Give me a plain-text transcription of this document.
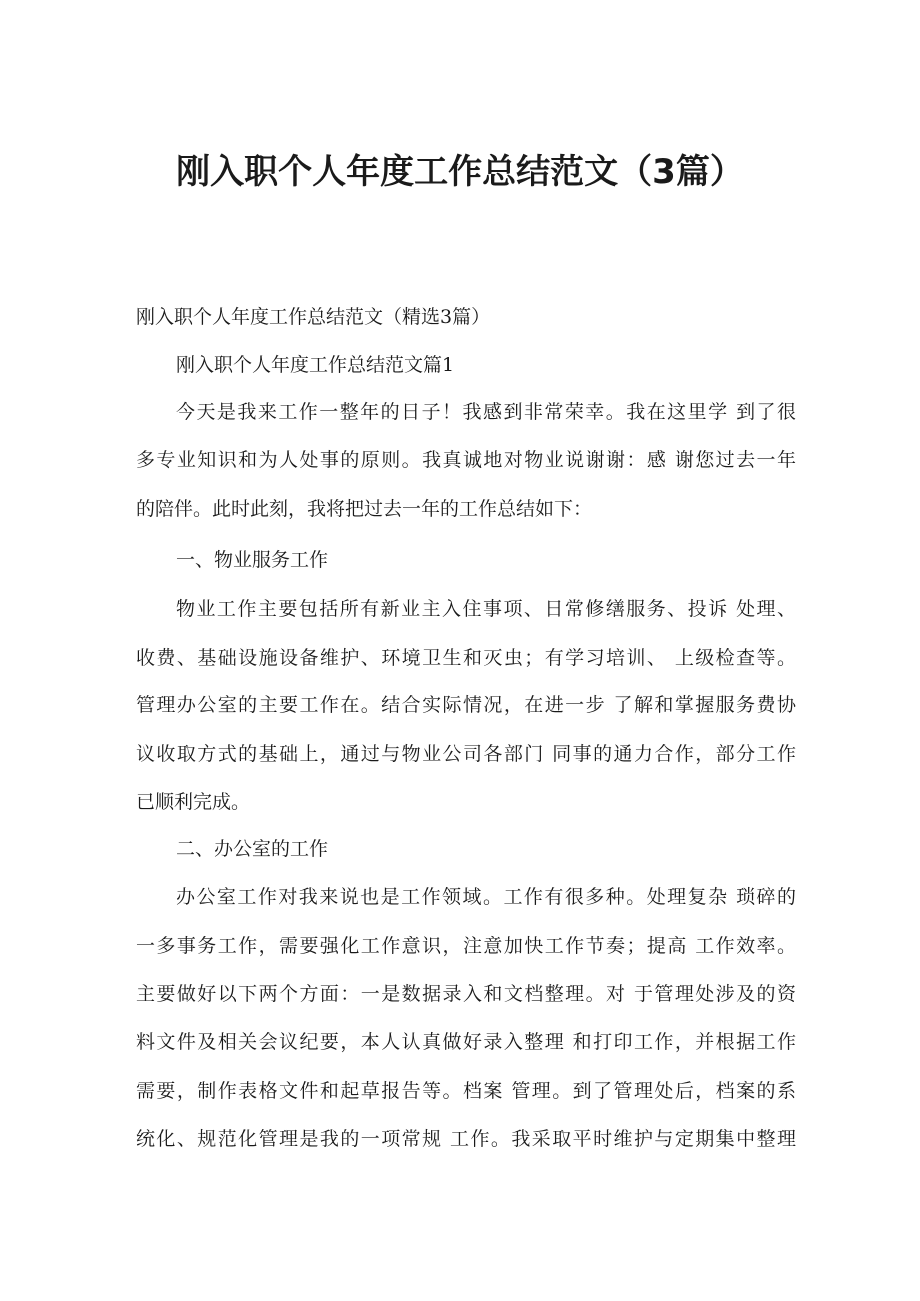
刚入职个人年度工作总结范文（3篇）
刚入职个人年度工作总结范文（精选3篇）
刚入职个人年度工作总结范文篇1
今天是我来工作一整年的日子！我感到非常荣幸。我在这里学 到了很
多专业知识和为人处事的原则。我真诚地对物业说谢谢：感 谢您过去一年
的陪伴。此时此刻，我将把过去一年的工作总结如下：
一、物业服务工作
物业工作主要包括所有新业主入住事项、日常修缮服务、投诉 处理、
收费、基础设施设备维护、环境卫生和灭虫；有学习培训、 上级检查等。
管理办公室的主要工作在。结合实际情况，在进一步 了解和掌握服务费协
议收取方式的基础上，通过与物业公司各部门 同事的通力合作，部分工作
已顺利完成。
二、办公室的工作
办公室工作对我来说也是工作领域。工作有很多种。处理复杂 琐碎的
一多事务工作，需要强化工作意识，注意加快工作节奏；提高 工作效率。
主要做好以下两个方面：一是数据录入和文档整理。对 于管理处涉及的资
料文件及相关会议纪要，本人认真做好录入整理 和打印工作，并根据工作
需要，制作表格文件和起草报告等。档案 管理。到了管理处后，档案的系
统化、规范化管理是我的一项常规 工作。我采取平时维护与定期集中整理
